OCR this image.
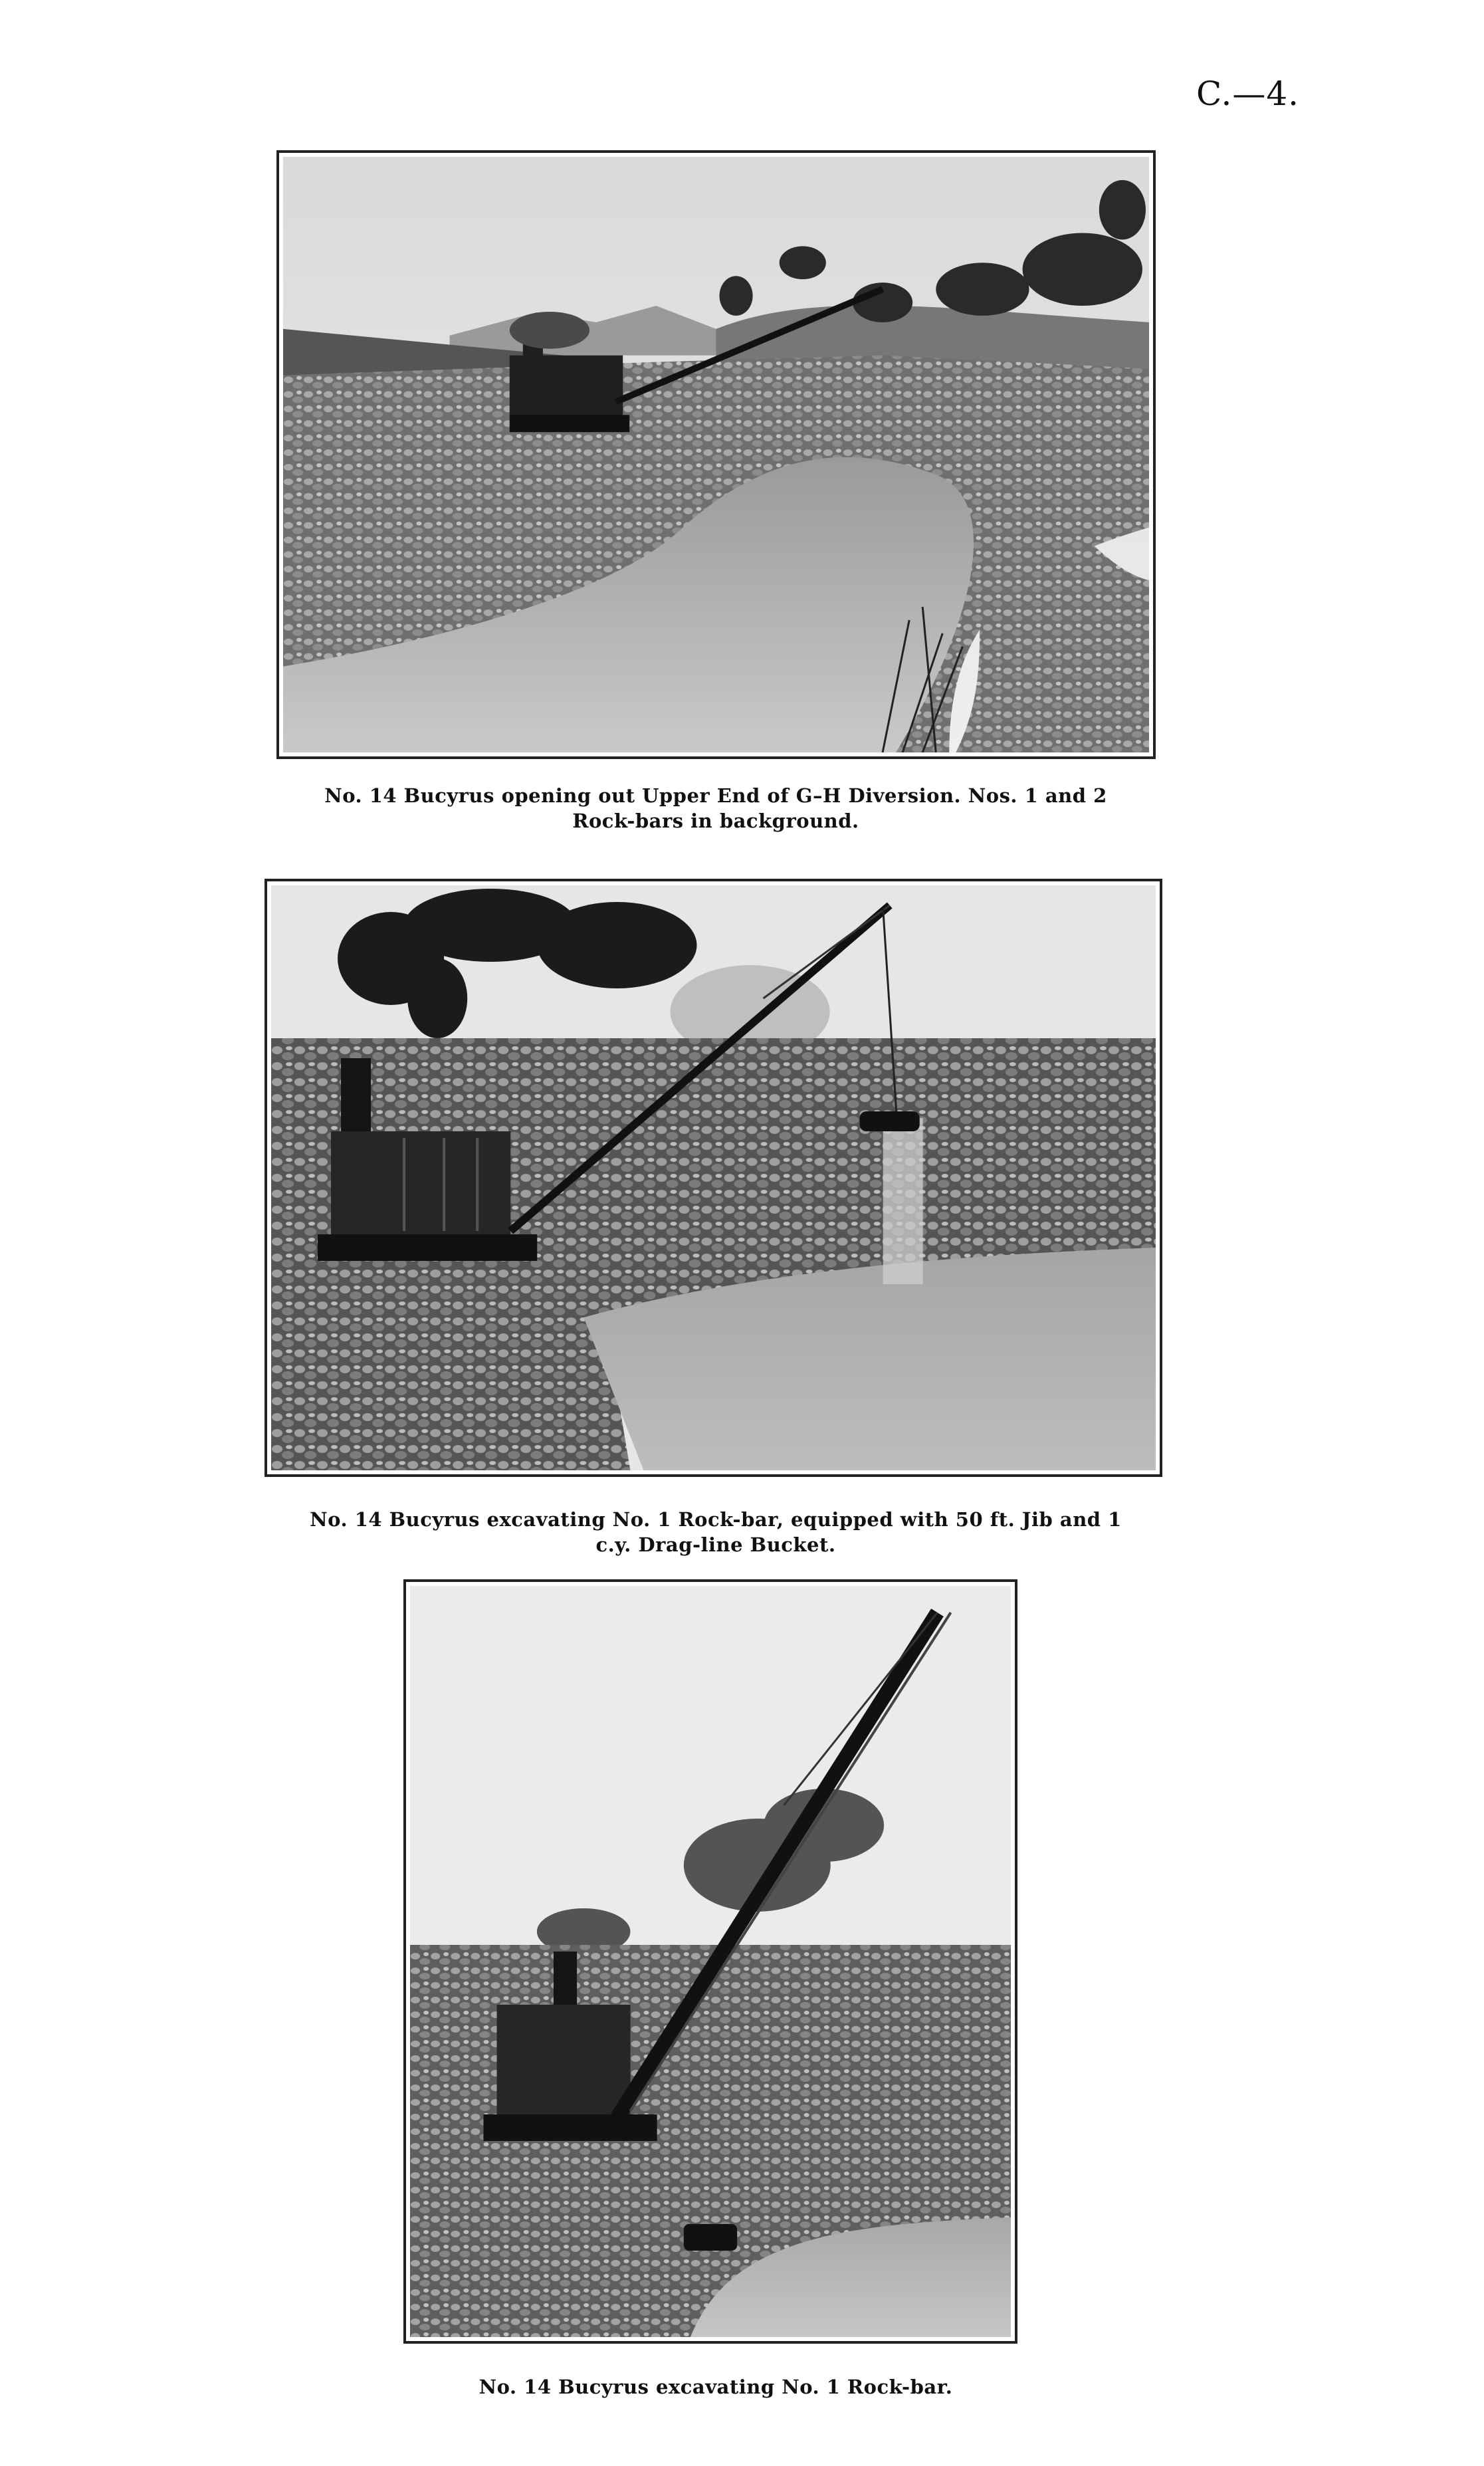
C.—4.
No. 14 Bucyrus opening out Upper End of G–H Diversion. Nos. 1 and 2 Rock-bars in background.
No. 14 Bucyrus excavating No. 1 Rock-bar, equipped with 50 ft. Jib and 1 c.y. Drag-line Bucket.
No. 14 Bucyrus excavating No. 1 Rock-bar.
